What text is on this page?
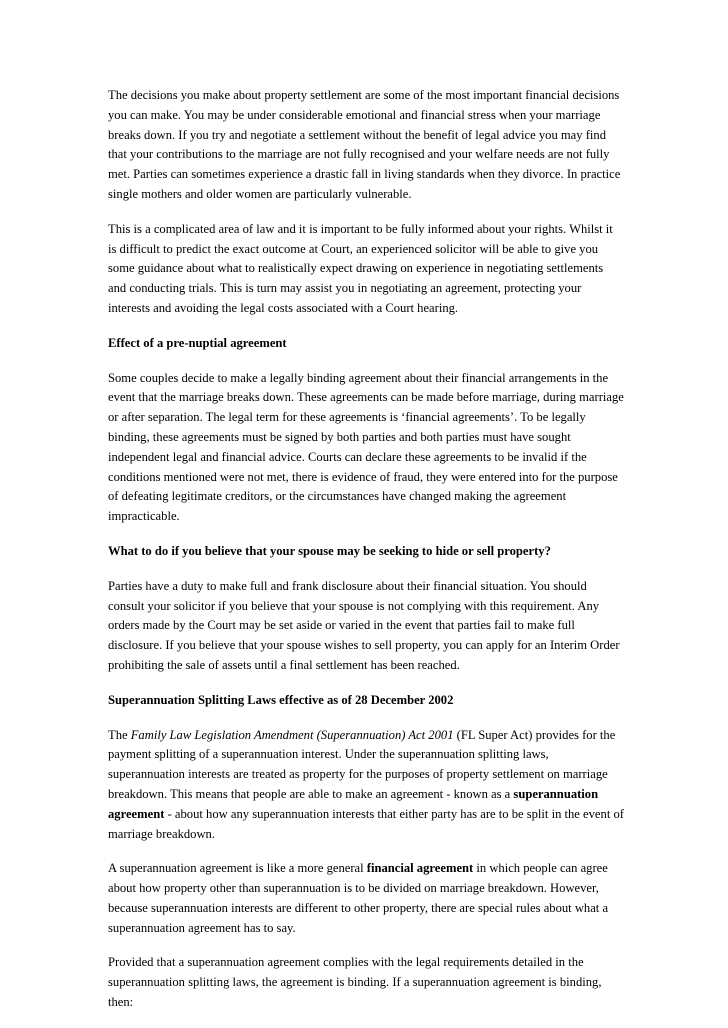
The decisions you make about property settlement are some of the most important financial decisions you can make. You may be under considerable emotional and financial stress when your marriage breaks down. If you try and negotiate a settlement without the benefit of legal advice you may find that your contributions to the marriage are not fully recognised and your welfare needs are not fully met. Parties can sometimes experience a drastic fall in living standards when they divorce. In practice single mothers and older women are particularly vulnerable.

This is a complicated area of law and it is important to be fully informed about your rights. Whilst it is difficult to predict the exact outcome at Court, an experienced solicitor will be able to give you some guidance about what to realistically expect drawing on experience in negotiating settlements and conducting trials. This is turn may assist you in negotiating an agreement, protecting your interests and avoiding the legal costs associated with a Court hearing.

Effect of a pre-nuptial agreement

Some couples decide to make a legally binding agreement about their financial arrangements in the event that the marriage breaks down. These agreements can be made before marriage, during marriage or after separation. The legal term for these agreements is ‘financial agreements’. To be legally binding, these agreements must be signed by both parties and both parties must have sought independent legal and financial advice. Courts can declare these agreements to be invalid if the conditions mentioned were not met, there is evidence of fraud, they were entered into for the purpose of defeating legitimate creditors, or the circumstances have changed making the agreement impracticable.

What to do if you believe that your spouse may be seeking to hide or sell property?

Parties have a duty to make full and frank disclosure about their financial situation. You should consult your solicitor if you believe that your spouse is not complying with this requirement. Any orders made by the Court may be set aside or varied in the event that parties fail to make full disclosure. If you believe that your spouse wishes to sell property, you can apply for an Interim Order prohibiting the sale of assets until a final settlement has been reached.

Superannuation Splitting Laws effective as of 28 December 2002

The Family Law Legislation Amendment (Superannuation) Act 2001 (FL Super Act) provides for the payment splitting of a superannuation interest. Under the superannuation splitting laws, superannuation interests are treated as property for the purposes of property settlement on marriage breakdown. This means that people are able to make an agreement - known as a superannuation agreement - about how any superannuation interests that either party has are to be split in the event of marriage breakdown.

A superannuation agreement is like a more general financial agreement in which people can agree about how property other than superannuation is to be divided on marriage breakdown. However, because superannuation interests are different to other property, there are special rules about what a superannuation agreement has to say.

Provided that a superannuation agreement complies with the legal requirements detailed in the superannuation splitting laws, the agreement is binding. If a superannuation agreement is binding, then:
